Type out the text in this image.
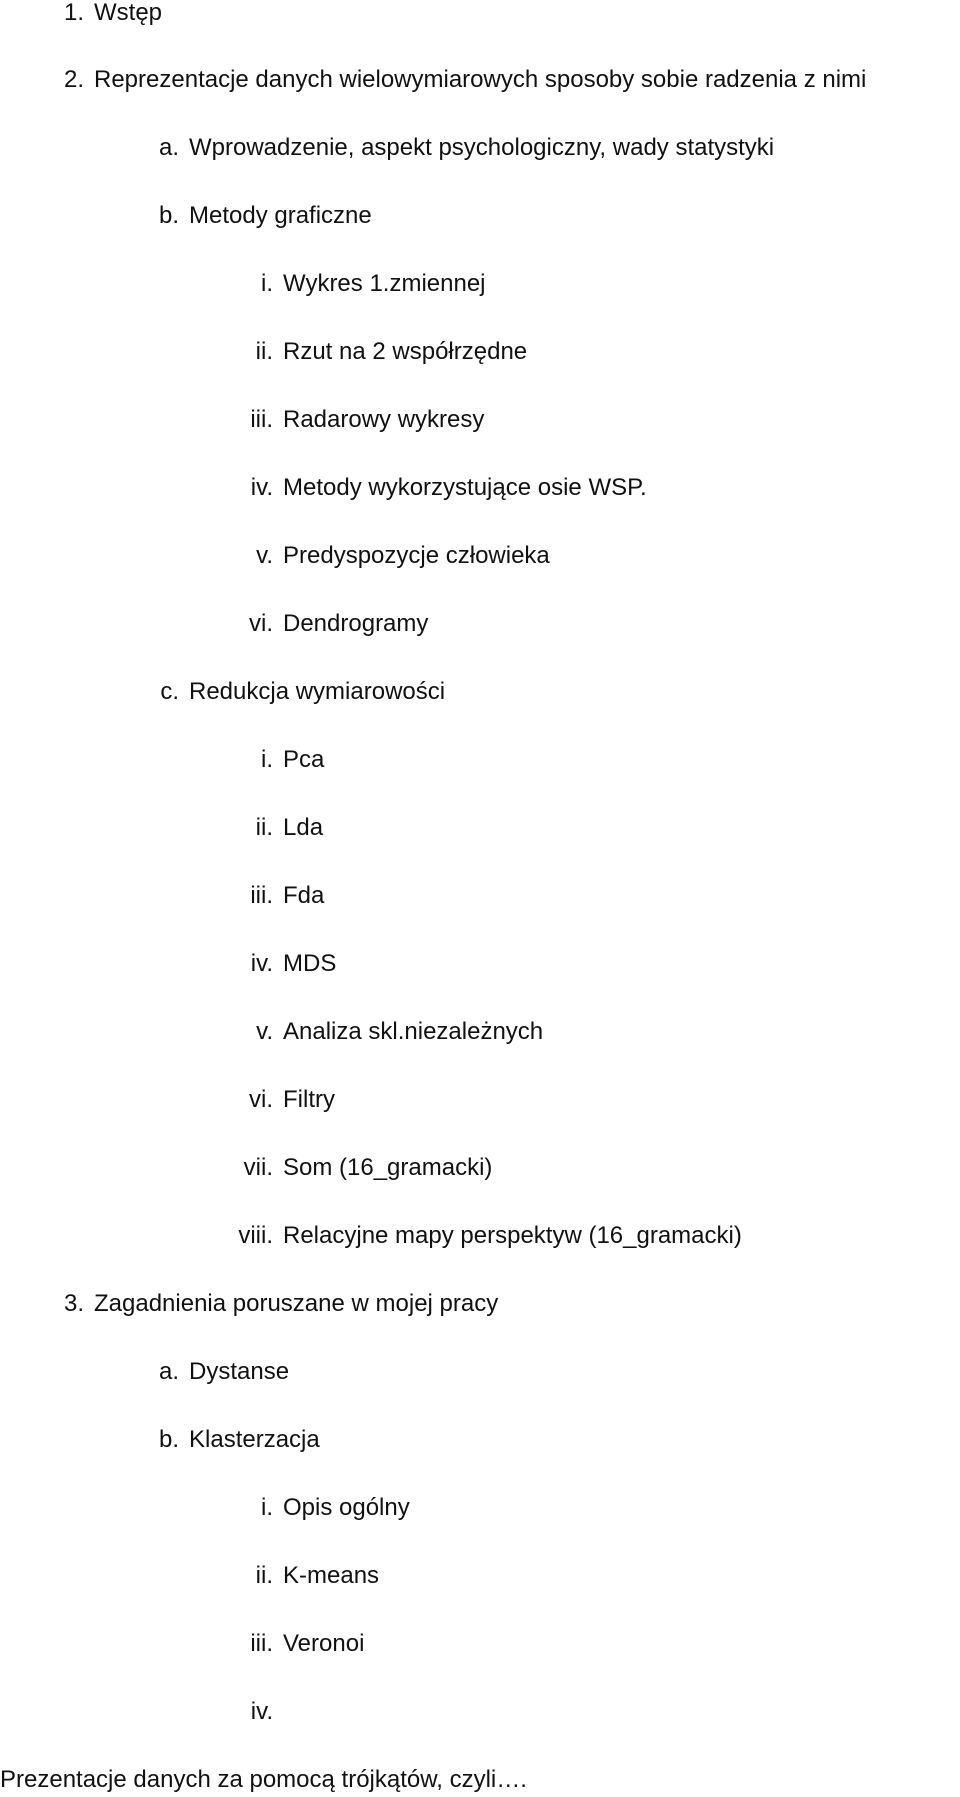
1. Wstęp
2. Reprezentacje danych wielowymiarowych sposoby sobie radzenia z nimi
a. Wprowadzenie, aspekt psychologiczny, wady statystyki
b. Metody graficzne
i. Wykres 1.zmiennej
ii. Rzut na 2 współrzędne
iii. Radarowy wykresy
iv. Metody wykorzystujące osie WSP.
v. Predyspozycje człowieka
vi. Dendrogramy
c. Redukcja wymiarowości
i. Pca
ii. Lda
iii. Fda
iv. MDS
v. Analiza skl.niezależnych
vi. Filtry
vii. Som (16_gramacki)
viii. Relacyjne mapy perspektyw (16_gramacki)
3. Zagadnienia poruszane w mojej pracy
a. Dystanse
b. Klasterzacja
i. Opis ogólny
ii. K-means
iii. Veronoi
iv.
Prezentacje danych za pomocą trójkątów, czyli….
